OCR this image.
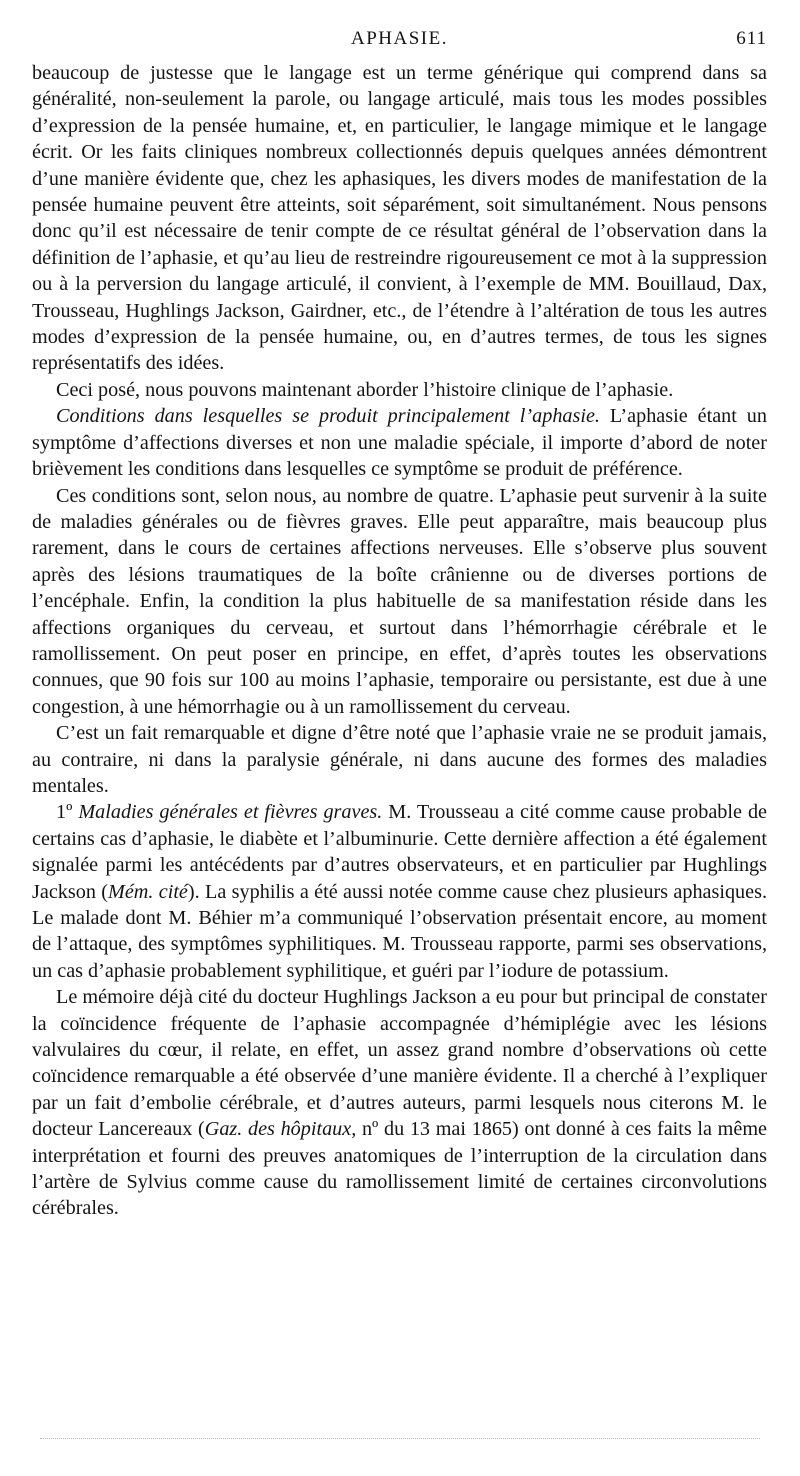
APHASIE.	611

beaucoup de justesse que le langage est un terme générique qui comprend dans sa généralité, non-seulement la parole, ou langage articulé, mais tous les modes possibles d’expression de la pensée humaine, et, en particulier, le langage mimique et le langage écrit. Or les faits cliniques nombreux collectionnés depuis quelques années démontrent d’une manière évidente que, chez les aphasiques, les divers modes de manifestation de la pensée humaine peuvent être atteints, soit séparément, soit simultanément. Nous pensons donc qu’il est nécessaire de tenir compte de ce résultat général de l’observation dans la définition de l’aphasie, et qu’au lieu de restreindre rigoureusement ce mot à la suppression ou à la perversion du langage articulé, il convient, à l’exemple de MM. Bouillaud, Dax, Trousseau, Hughlings Jackson, Gairdner, etc., de l’étendre à l’altération de tous les autres modes d’expression de la pensée humaine, ou, en d’autres termes, de tous les signes représentatifs des idées.

Ceci posé, nous pouvons maintenant aborder l’histoire clinique de l’aphasie.

Conditions dans lesquelles se produit principalement l’aphasie. L’aphasie étant un symptôme d’affections diverses et non une maladie spéciale, il importe d’abord de noter brièvement les conditions dans lesquelles ce symptôme se produit de préférence.

Ces conditions sont, selon nous, au nombre de quatre. L’aphasie peut survenir à la suite de maladies générales ou de fièvres graves. Elle peut apparaître, mais beaucoup plus rarement, dans le cours de certaines affections nerveuses. Elle s’observe plus souvent après des lésions traumatiques de la boîte crânienne ou de diverses portions de l’encéphale. Enfin, la condition la plus habituelle de sa manifestation réside dans les affections organiques du cerveau, et surtout dans l’hémorrhagie cérébrale et le ramollissement. On peut poser en principe, en effet, d’après toutes les observations connues, que 90 fois sur 100 au moins l’aphasie, temporaire ou persistante, est due à une congestion, à une hémorrhagie ou à un ramollissement du cerveau.

C’est un fait remarquable et digne d’être noté que l’aphasie vraie ne se produit jamais, au contraire, ni dans la paralysie générale, ni dans aucune des formes des maladies mentales.

1º Maladies générales et fièvres graves. M. Trousseau a cité comme cause probable de certains cas d’aphasie, le diabète et l’albuminurie. Cette dernière affection a été également signalée parmi les antécédents par d’autres observateurs, et en particulier par Hughlings Jackson (Mém. cité). La syphilis a été aussi notée comme cause chez plusieurs aphasiques. Le malade dont M. Béhier m’a communiqué l’observation présentait encore, au moment de l’attaque, des symptômes syphilitiques. M. Trousseau rapporte, parmi ses observations, un cas d’aphasie probablement syphilitique, et guéri par l’iodure de potassium.

Le mémoire déjà cité du docteur Hughlings Jackson a eu pour but principal de constater la coïncidence fréquente de l’aphasie accompagnée d’hémiplégie avec les lésions valvulaires du cœur, il relate, en effet, un assez grand nombre d’observations où cette coïncidence remarquable a été observée d’une manière évidente. Il a cherché à l’expliquer par un fait d’embolie cérébrale, et d’autres auteurs, parmi lesquels nous citerons M. le docteur Lancereaux (Gaz. des hôpitaux, nº du 13 mai 1865) ont donné à ces faits la même interprétation et fourni des preuves anatomiques de l’interruption de la circulation dans l’artère de Sylvius comme cause du ramollissement limité de certaines circonvolutions cérébrales.
